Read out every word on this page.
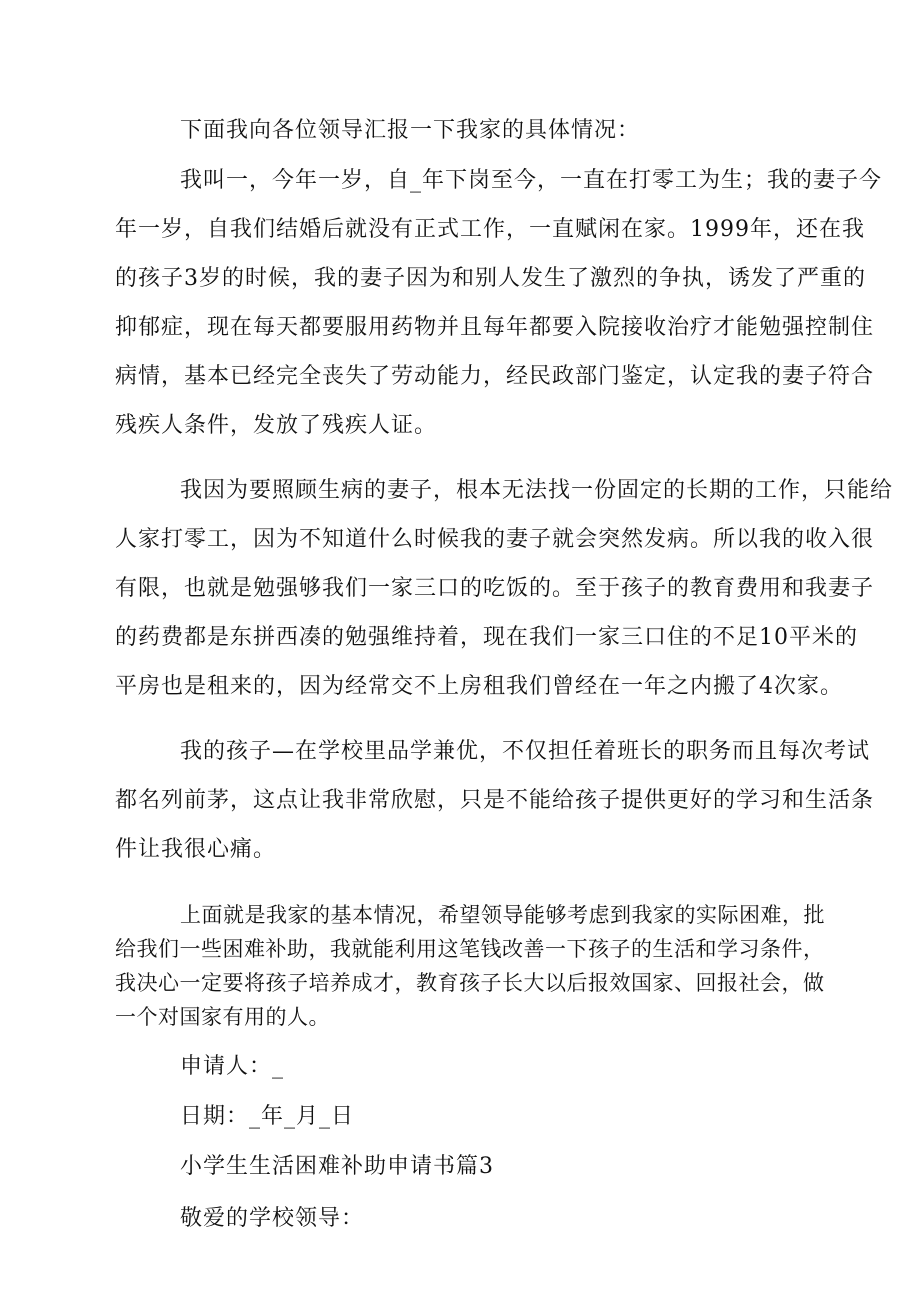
下面我向各位领导汇报一下我家的具体情况：
我叫一，今年一岁，自_年下岗至今，一直在打零工为生；我的妻子今
年一岁，自我们结婚后就没有正式工作，一直赋闲在家。1999年，还在我
的孩子3岁的时候，我的妻子因为和别人发生了激烈的争执，诱发了严重的
抑郁症，现在每天都要服用药物并且每年都要入院接收治疗才能勉强控制住
病情，基本已经完全丧失了劳动能力，经民政部门鉴定，认定我的妻子符合
残疾人条件，发放了残疾人证。
我因为要照顾生病的妻子，根本无法找一份固定的长期的工作，只能给
人家打零工，因为不知道什么时候我的妻子就会突然发病。所以我的收入很
有限，也就是勉强够我们一家三口的吃饭的。至于孩子的教育费用和我妻子
的药费都是东拼西凑的勉强维持着，现在我们一家三口住的不足10平米的
平房也是租来的，因为经常交不上房租我们曾经在一年之内搬了4次家。
我的孩子—在学校里品学兼优，不仅担任着班长的职务而且每次考试
都名列前茅，这点让我非常欣慰，只是不能给孩子提供更好的学习和生活条
件让我很心痛。
上面就是我家的基本情况，希望领导能够考虑到我家的实际困难，批
给我们一些困难补助，我就能利用这笔钱改善一下孩子的生活和学习条件，
我决心一定要将孩子培养成才，教育孩子长大以后报效国家、回报社会，做
一个对国家有用的人。
申请人：_
日期：_年_月_日
小学生生活困难补助申请书篇3
敬爱的学校领导：
